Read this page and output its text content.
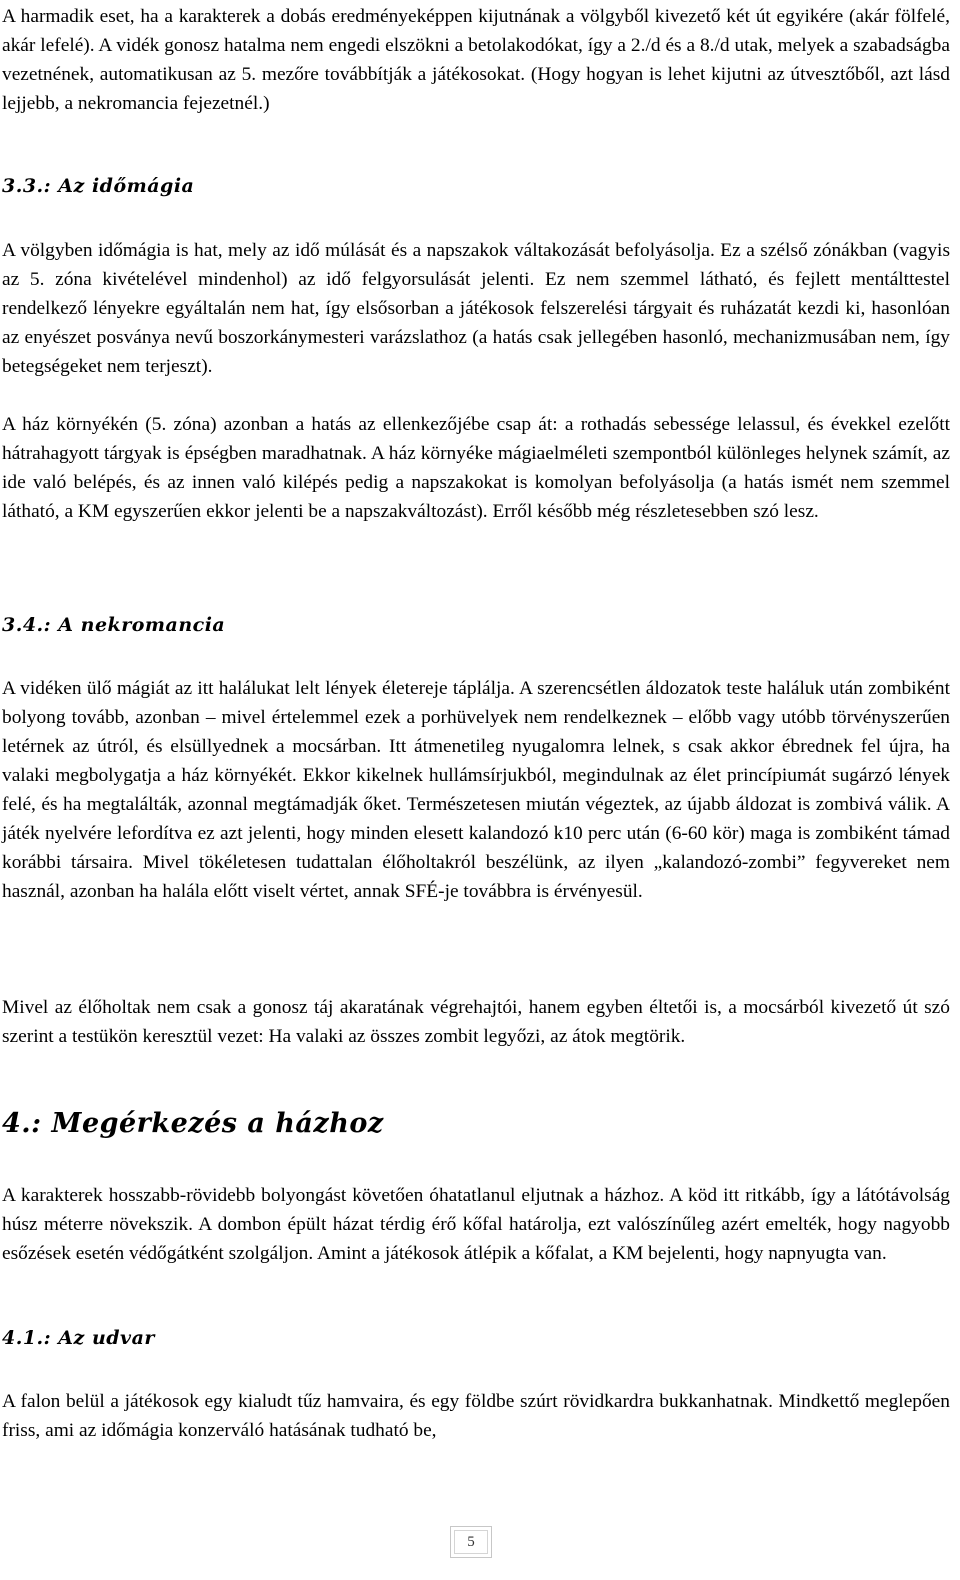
A harmadik eset, ha a karakterek a dobás eredményeképpen kijutnának a völgyből kivezető két út egyikére (akár fölfelé, akár lefelé). A vidék gonosz hatalma nem engedi elszökni a betolakodókat, így a 2./d és a 8./d utak, melyek a szabadságba vezetnének, automatikusan az 5. mezőre továbbítják a játékosokat. (Hogy hogyan is lehet kijutni az útvesztőből, azt lásd lejjebb, a nekromancia fejezetnél.)

3.3.: Az időmágia

A völgyben időmágia is hat, mely az idő múlását és a napszakok váltakozását befolyásolja. Ez a szélső zónákban (vagyis az 5. zóna kivételével mindenhol) az idő felgyorsulását jelenti. Ez nem szemmel látható, és fejlett mentálttestel rendelkező lényekre egyáltalán nem hat, így elsősorban a játékosok felszerelési tárgyait és ruházatát kezdi ki, hasonlóan az enyészet posványa nevű boszorkánymesteri varázslathoz (a hatás csak jellegében hasonló, mechanizmusában nem, így betegségeket nem terjeszt).

A ház környékén (5. zóna) azonban a hatás az ellenkezőjébe csap át: a rothadás sebessége lelassul, és évekkel ezelőtt hátrahagyott tárgyak is épségben maradhatnak. A ház környéke mágiaelméleti szempontból különleges helynek számít, az ide való belépés, és az innen való kilépés pedig a napszakokat is komolyan befolyásolja (a hatás ismét nem szemmel látható, a KM egyszerűen ekkor jelenti be a napszakváltozást). Erről később még részletesebben szó lesz.

3.4.: A nekromancia

A vidéken ülő mágiát az itt halálukat lelt lények életereje táplálja. A szerencsétlen áldozatok teste haláluk után zombiként bolyong tovább, azonban – mivel értelemmel ezek a porhüvelyek nem rendelkeznek – előbb vagy utóbb törvényszerűen letérnek az útról, és elsüllyednek a mocsárban. Itt átmenetileg nyugalomra lelnek, s csak akkor ébrednek fel újra, ha valaki megbolygatja a ház környékét. Ekkor kikelnek hullámsírjukból, megindulnak az élet princípiumát sugárzó lények felé, és ha megtalálták, azonnal megtámadják őket. Természetesen miután végeztek, az újabb áldozat is zombivá válik. A játék nyelvére lefordítva ez azt jelenti, hogy minden elesett kalandozó k10 perc után (6-60 kör) maga is zombiként támad korábbi társaira. Mivel tökéletesen tudattalan élőholtakról beszélünk, az ilyen „kalandozó-zombi” fegyvereket nem használ, azonban ha halála előtt viselt vértet, annak SFÉ-je továbbra is érvényesül.

Mivel az élőholtak nem csak a gonosz táj akaratának végrehajtói, hanem egyben éltetői is, a mocsárból kivezető út szó szerint a testükön keresztül vezet: Ha valaki az összes zombit legyőzi, az átok megtörik.

4.: Megérkezés a házhoz

A karakterek hosszabb-rövidebb bolyongást követően óhatatlanul eljutnak a házhoz. A köd itt ritkább, így a látótávolság húsz méterre növekszik. A dombon épült házat térdig érő kőfal határolja, ezt valószínűleg azért emelték, hogy nagyobb esőzések esetén védőgátként szolgáljon. Amint a játékosok átlépik a kőfalat, a KM bejelenti, hogy napnyugta van.

4.1.: Az udvar

A falon belül a játékosok egy kialudt tűz hamvaira, és egy földbe szúrt rövidkardra bukkanhatnak. Mindkettő meglepően friss, ami az időmágia konzerváló hatásának tudható be,

5
